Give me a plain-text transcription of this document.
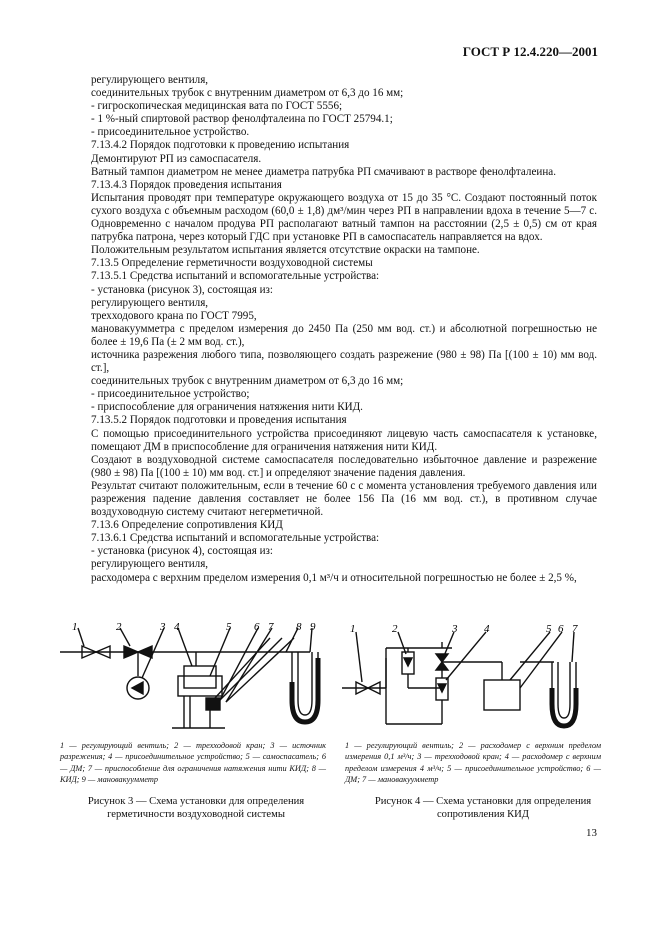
ГОСТ Р 12.4.220—2001

регулирующего вентиля,

соединительных трубок с внутренним диаметром от 6,3 до 16 мм;

- гигроскопическая медицинская вата по ГОСТ 5556;

- 1 %-ный спиртовой раствор фенолфталеина по ГОСТ 25794.1;

- присоединительное устройство.

7.13.4.2 Порядок подготовки к проведению испытания

Демонтируют РП из самоспасателя.

Ватный тампон диаметром не менее диаметра патрубка РП смачивают в растворе фенолфталеина.

7.13.4.3 Порядок проведения испытания

Испытания проводят при температуре окружающего воздуха от 15 до 35 °С. Создают постоянный поток сухого воздуха с объемным расходом (60,0 ± 1,8) дм³/мин через РП в направлении вдоха в течение 5—7 с. Одновременно с началом продува РП располагают ватный тампон на расстоянии (2,5 ± 0,5) см от края патрубка патрона, через который ГДС при установке РП в самоспасатель направляется на вдох.

Положительным результатом испытания является отсутствие окраски на тампоне.

7.13.5 Определение герметичности воздуховодной системы

7.13.5.1 Средства испытаний и вспомогательные устройства:

- установка (рисунок 3), состоящая из:

регулирующего вентиля,

трехходового крана по ГОСТ 7995,

мановакуумметра с пределом измерения до 2450 Па (250 мм вод. ст.) и абсолютной погрешностью не более ± 19,6 Па (± 2 мм вод. ст.),

источника разрежения любого типа, позволяющего создать разрежение (980 ± 98) Па [(100 ± 10) мм вод. ст.],

соединительных трубок с внутренним диаметром от 6,3 до 16 мм;

- присоединительное устройство;

- приспособление для ограничения натяжения нити КИД.

7.13.5.2 Порядок подготовки и проведения испытания

С помощью присоединительного устройства присоединяют лицевую часть самоспасателя к установке, помещают ДМ в приспособление для ограничения натяжения нити КИД.

Создают в воздуховодной системе самоспасателя последовательно избыточное давление и разрежение (980 ± 98) Па [(100 ± 10) мм вод. ст.] и определяют значение падения давления.

Результат считают положительным, если в течение 60 с с момента установления требуемого давления или разрежения падение давления составляет не более 156 Па (16 мм вод. ст.), в противном случае воздуховодную систему считают негерметичной.

7.13.6 Определение сопротивления КИД

7.13.6.1 Средства испытаний и вспомогательные устройства:

- установка (рисунок 4), состоящая из:

регулирующего вентиля,

расходомера с верхним пределом измерения 0,1 м³/ч и относительной погрешностью не более ± 2,5 %,

1	2	3 4	5 6 7 8 9	1	2	3 4	5 6 7
1 — регулирующий вентиль; 2 — трехходовой кран; 3 — источник разрежения; 4 — присоединительное устройство; 5 — самоспасатель; 6 — ДМ; 7 — приспособление для ограничения натяжения нити КИД; 8 — КИД; 9 — мановакуумметр
1 — регулирующий вентиль; 2 — расходомер с верхним пределом измерения 0,1 м³/ч; 3 — трехходовой кран; 4 — расходомер с верхним пределом измерения 4 м³/ч; 5 — присоединительное устройство; 6 — ДМ; 7 — мановакуумметр
Рисунок 3 — Схема установки для определения герметичности воздуховодной системы
Рисунок 4 — Схема установки для определения сопротивления КИД
13
